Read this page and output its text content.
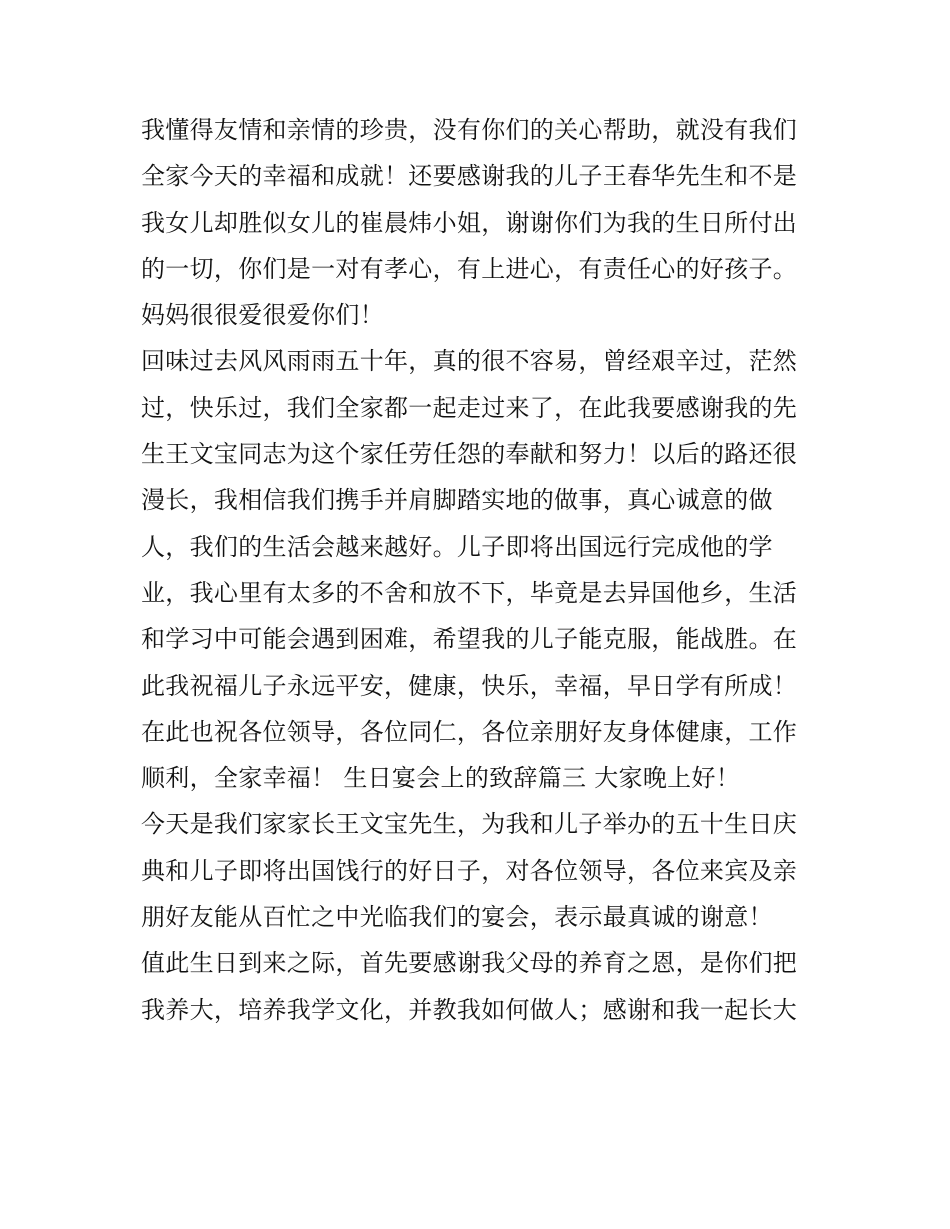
我懂得友情和亲情的珍贵，没有你们的关心帮助，就没有我们
全家今天的幸福和成就！还要感谢我的儿子王春华先生和不是
我女儿却胜似女儿的崔晨炜小姐，谢谢你们为我的生日所付出
的一切，你们是一对有孝心，有上进心，有责任心的好孩子。
妈妈很很爱很爱你们！
回味过去风风雨雨五十年，真的很不容易，曾经艰辛过，茫然
过，快乐过，我们全家都一起走过来了，在此我要感谢我的先
生王文宝同志为这个家任劳任怨的奉献和努力！以后的路还很
漫长，我相信我们携手并肩脚踏实地的做事，真心诚意的做
人，我们的生活会越来越好。儿子即将出国远行完成他的学
业，我心里有太多的不舍和放不下，毕竟是去异国他乡，生活
和学习中可能会遇到困难，希望我的儿子能克服，能战胜。在
此我祝福儿子永远平安，健康，快乐，幸福，早日学有所成！
在此也祝各位领导，各位同仁，各位亲朋好友身体健康，工作
顺利，全家幸福！ 生日宴会上的致辞篇三 大家晚上好！
今天是我们家家长王文宝先生，为我和儿子举办的五十生日庆
典和儿子即将出国饯行的好日子，对各位领导，各位来宾及亲
朋好友能从百忙之中光临我们的宴会，表示最真诚的谢意！
值此生日到来之际，首先要感谢我父母的养育之恩，是你们把
我养大，培养我学文化，并教我如何做人；感谢和我一起长大
